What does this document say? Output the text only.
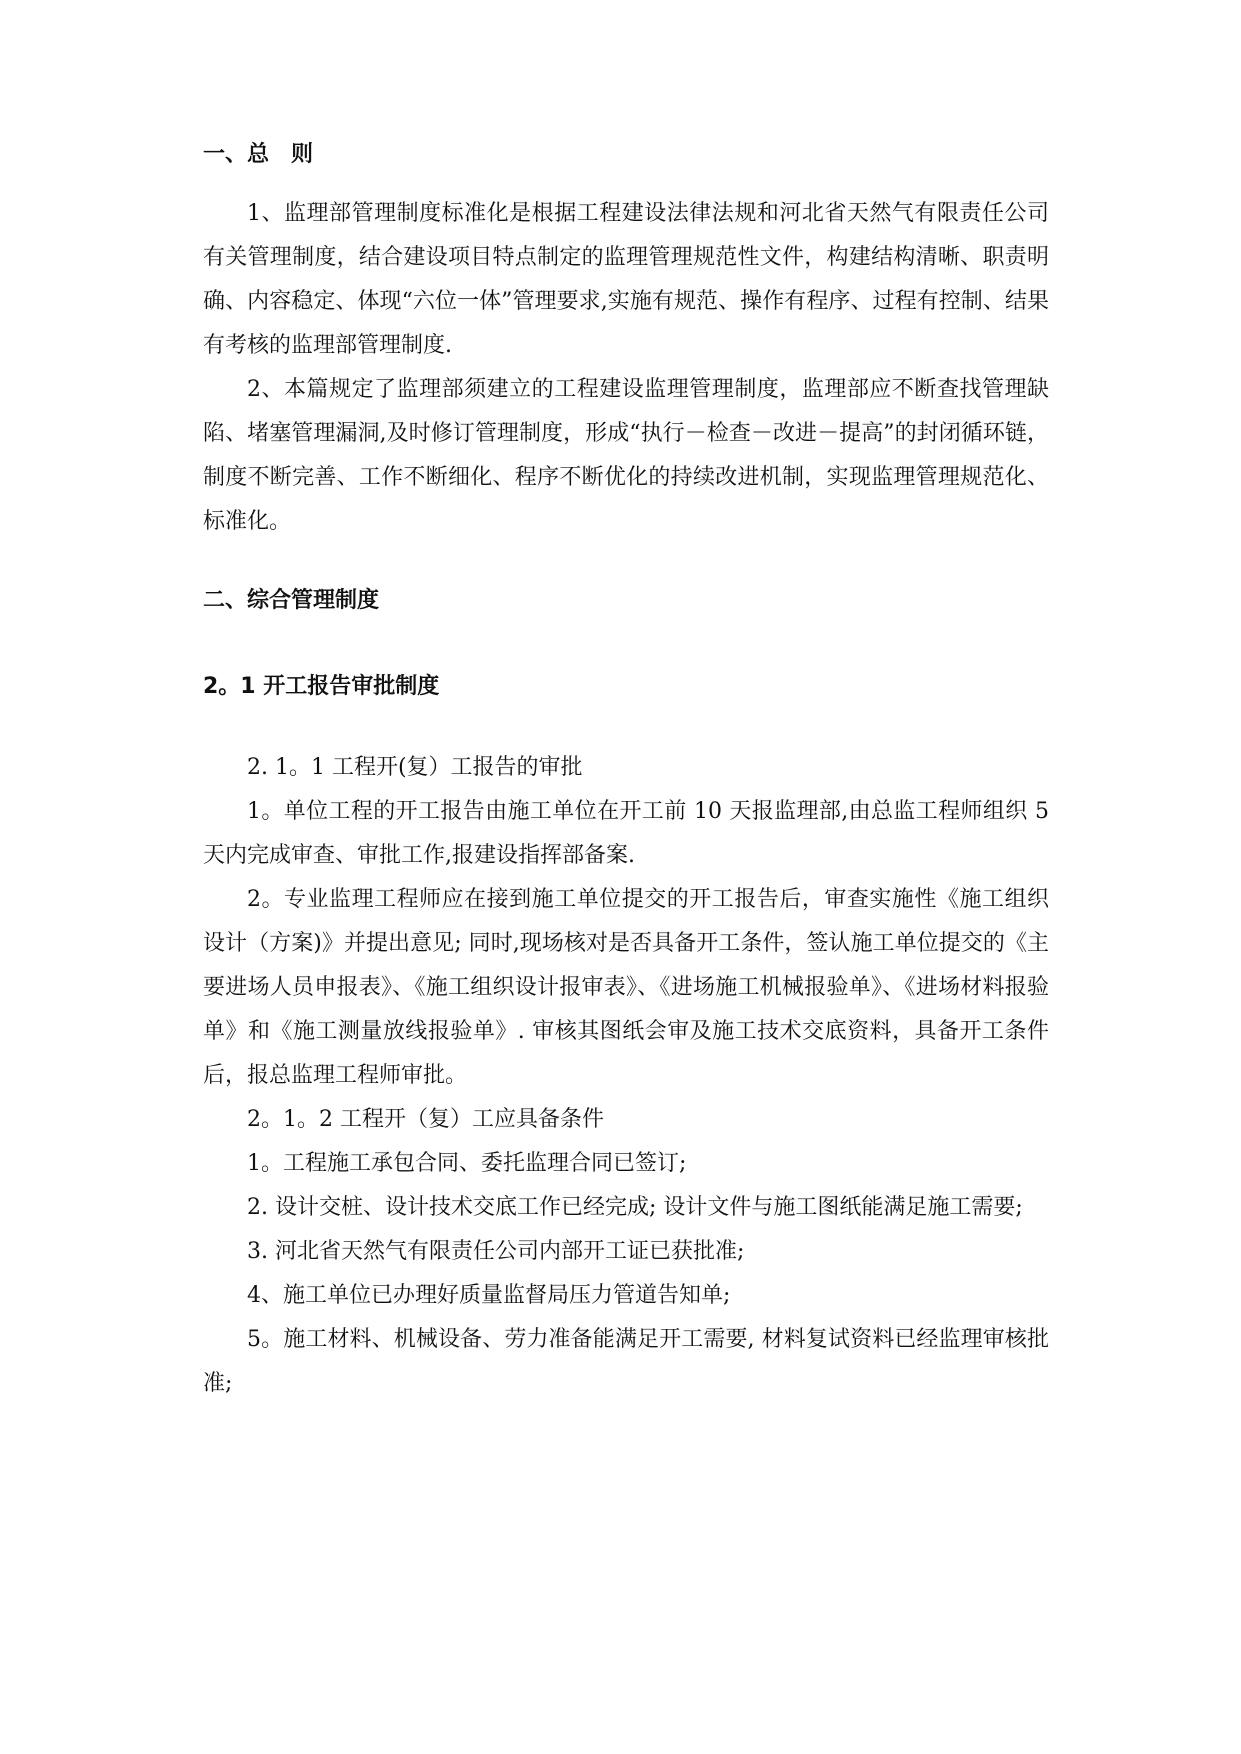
一、总　则

1、监理部管理制度标准化是根据工程建设法律法规和河北省天然气有限责任公司有关管理制度，结合建设项目特点制定的监理管理规范性文件，构建结构清晰、职责明确、内容稳定、体现“六位一体”管理要求,实施有规范、操作有程序、过程有控制、结果有考核的监理部管理制度.

2、本篇规定了监理部须建立的工程建设监理管理制度，监理部应不断查找管理缺陷、堵塞管理漏洞,及时修订管理制度，形成“执行－检查－改进－提高”的封闭循环链，制度不断完善、工作不断细化、程序不断优化的持续改进机制，实现监理管理规范化、标准化。

二、综合管理制度
2。1 开工报告审批制度

2. 1。1 工程开(复）工报告的审批

1。单位工程的开工报告由施工单位在开工前 10 天报监理部,由总监工程师组织 5 天内完成审查、审批工作,报建设指挥部备案.

2。专业监理工程师应在接到施工单位提交的开工报告后，审查实施性《施工组织设计（方案)》并提出意见; 同时,现场核对是否具备开工条件，签认施工单位提交的《主要进场人员申报表》、《施工组织设计报审表》、《进场施工机械报验单》、《进场材料报验单》和《施工测量放线报验单》. 审核其图纸会审及施工技术交底资料，具备开工条件后，报总监理工程师审批。

2。1。2 工程开（复）工应具备条件

1。工程施工承包合同、委托监理合同已签订;

2. 设计交桩、设计技术交底工作已经完成; 设计文件与施工图纸能满足施工需要;

3. 河北省天然气有限责任公司内部开工证已获批准;

4、施工单位已办理好质量监督局压力管道告知单;

5。施工材料、机械设备、劳力准备能满足开工需要, 材料复试资料已经监理审核批准;
